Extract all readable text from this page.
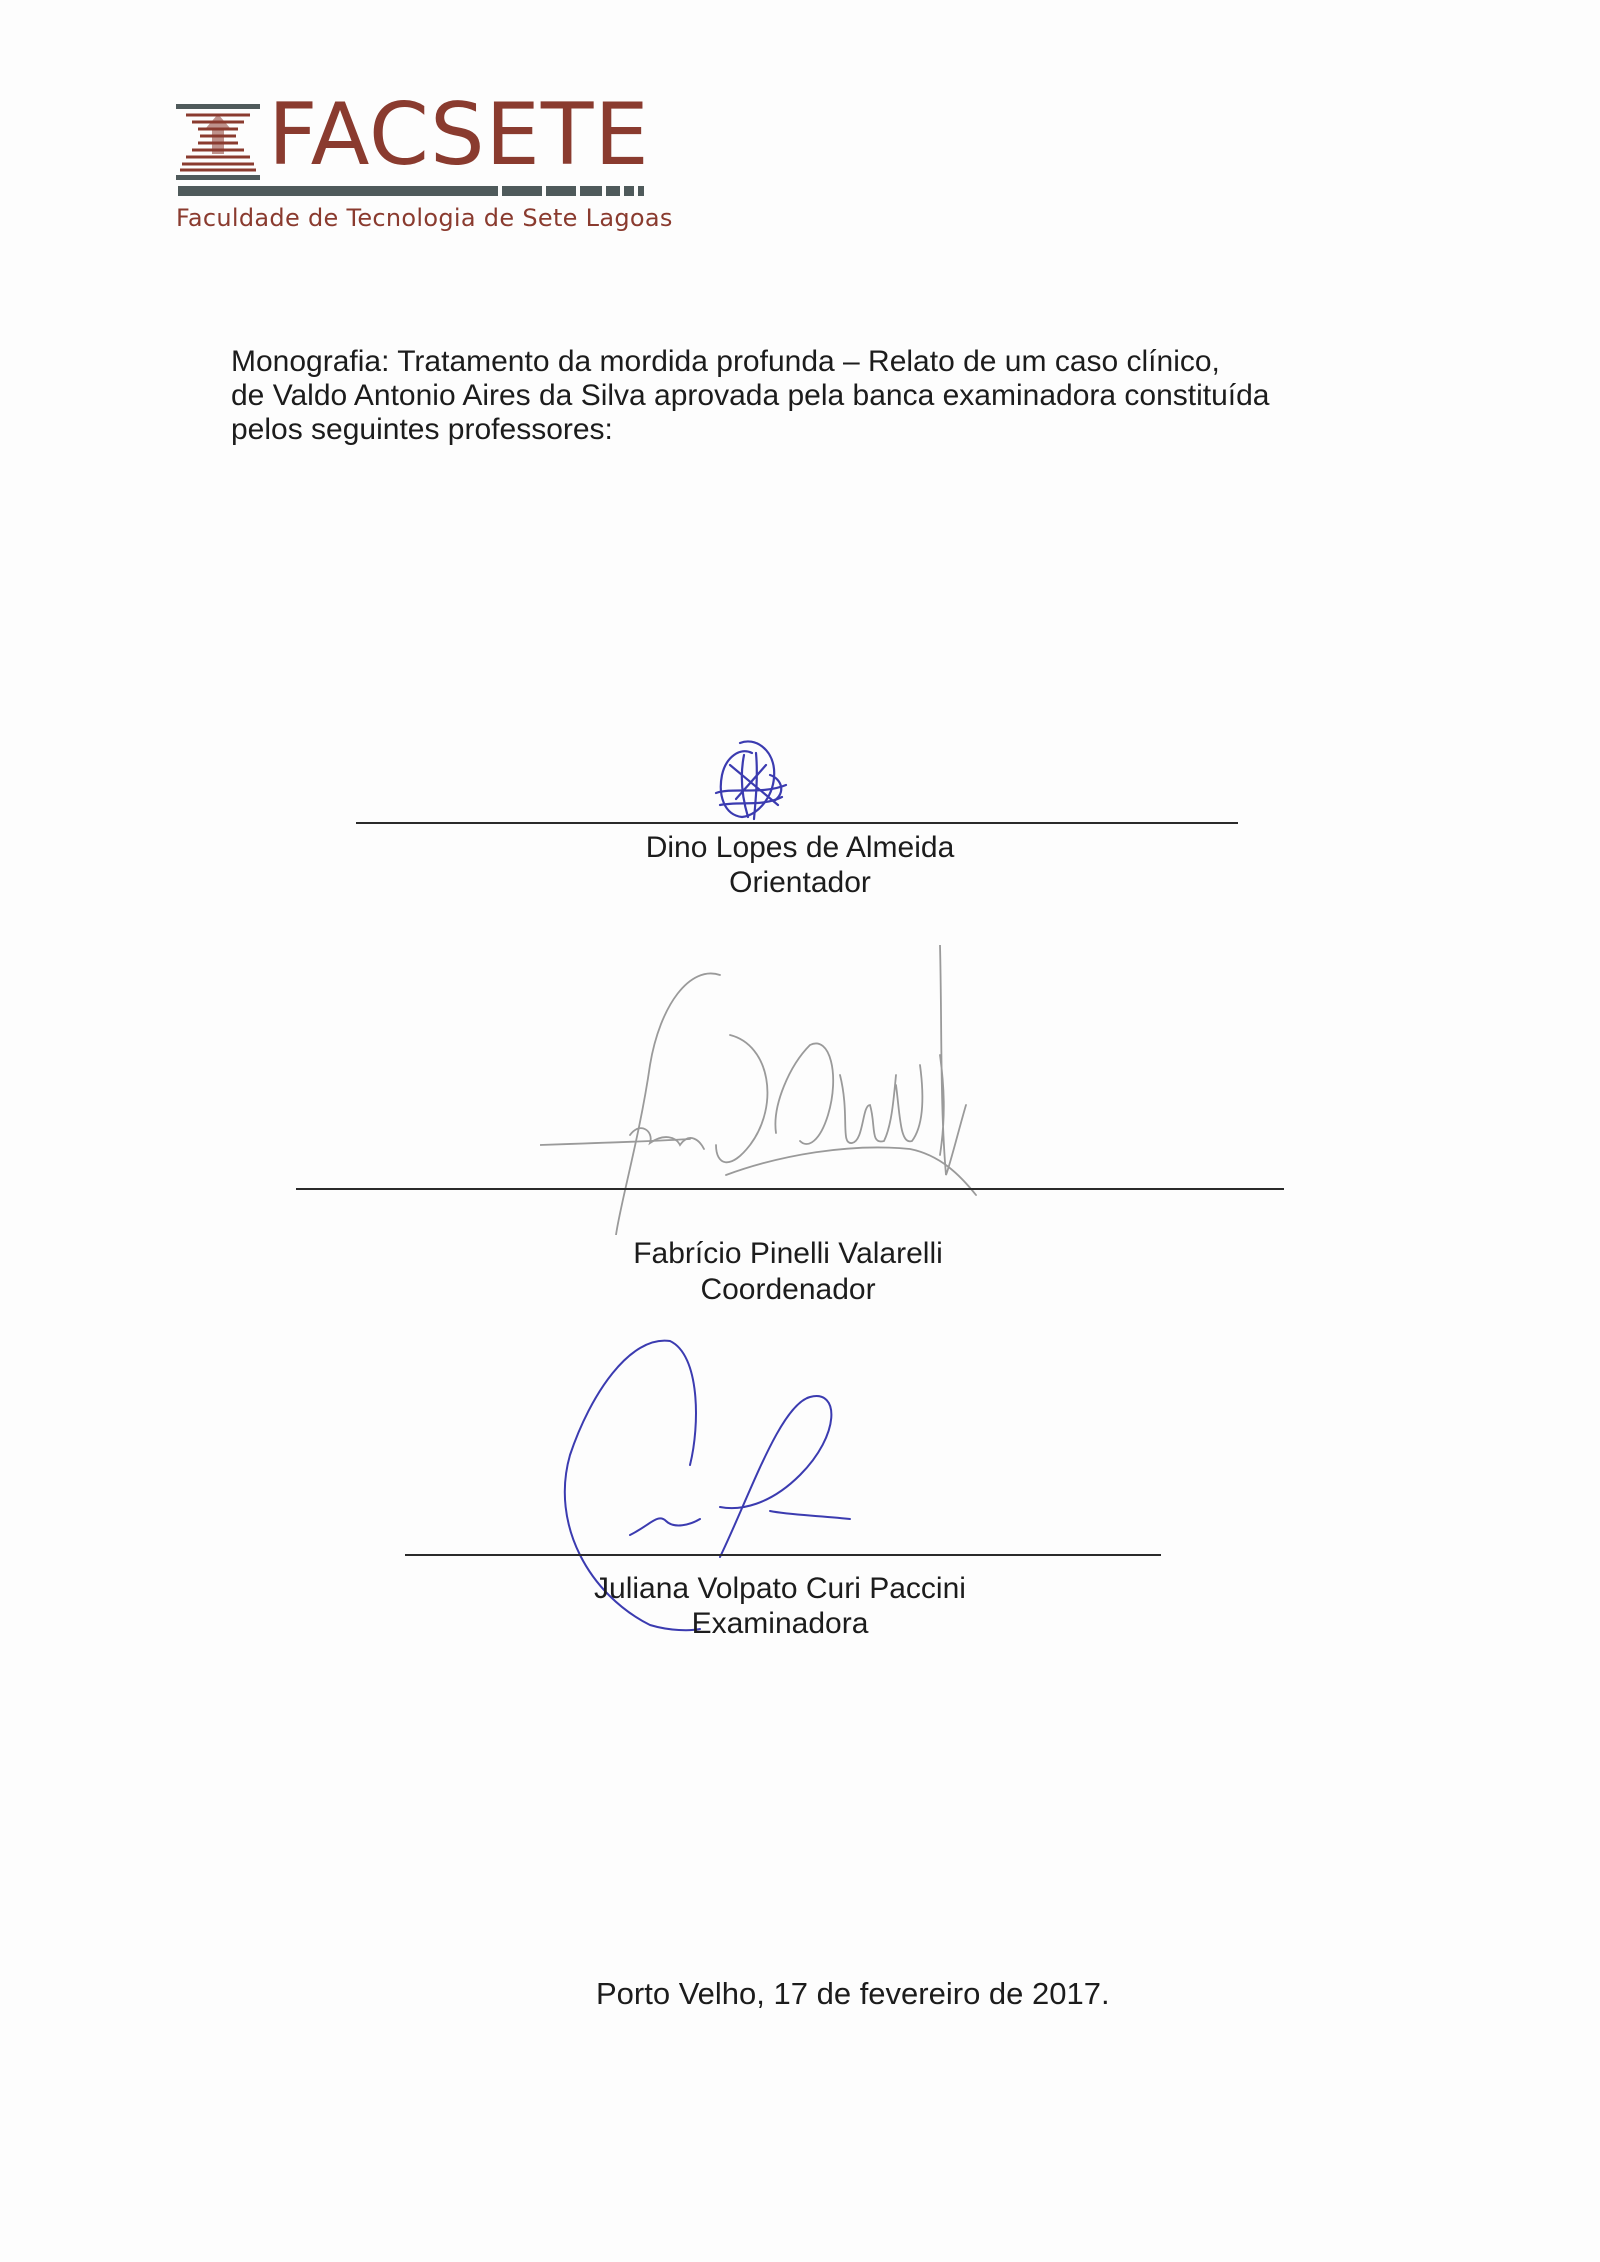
FACSETE
Faculdade de Tecnologia de Sete Lagoas

Monografia: Tratamento da mordida profunda – Relato de um caso clínico,

de Valdo Antonio Aires da Silva aprovada pela banca examinadora constituída

pelos seguintes professores:

Dino Lopes de Almeida
Orientador
Fabrício Pinelli Valarelli
Coordenador
Juliana Volpato Curi Paccini
Examinadora
Porto Velho, 17 de fevereiro de 2017.
